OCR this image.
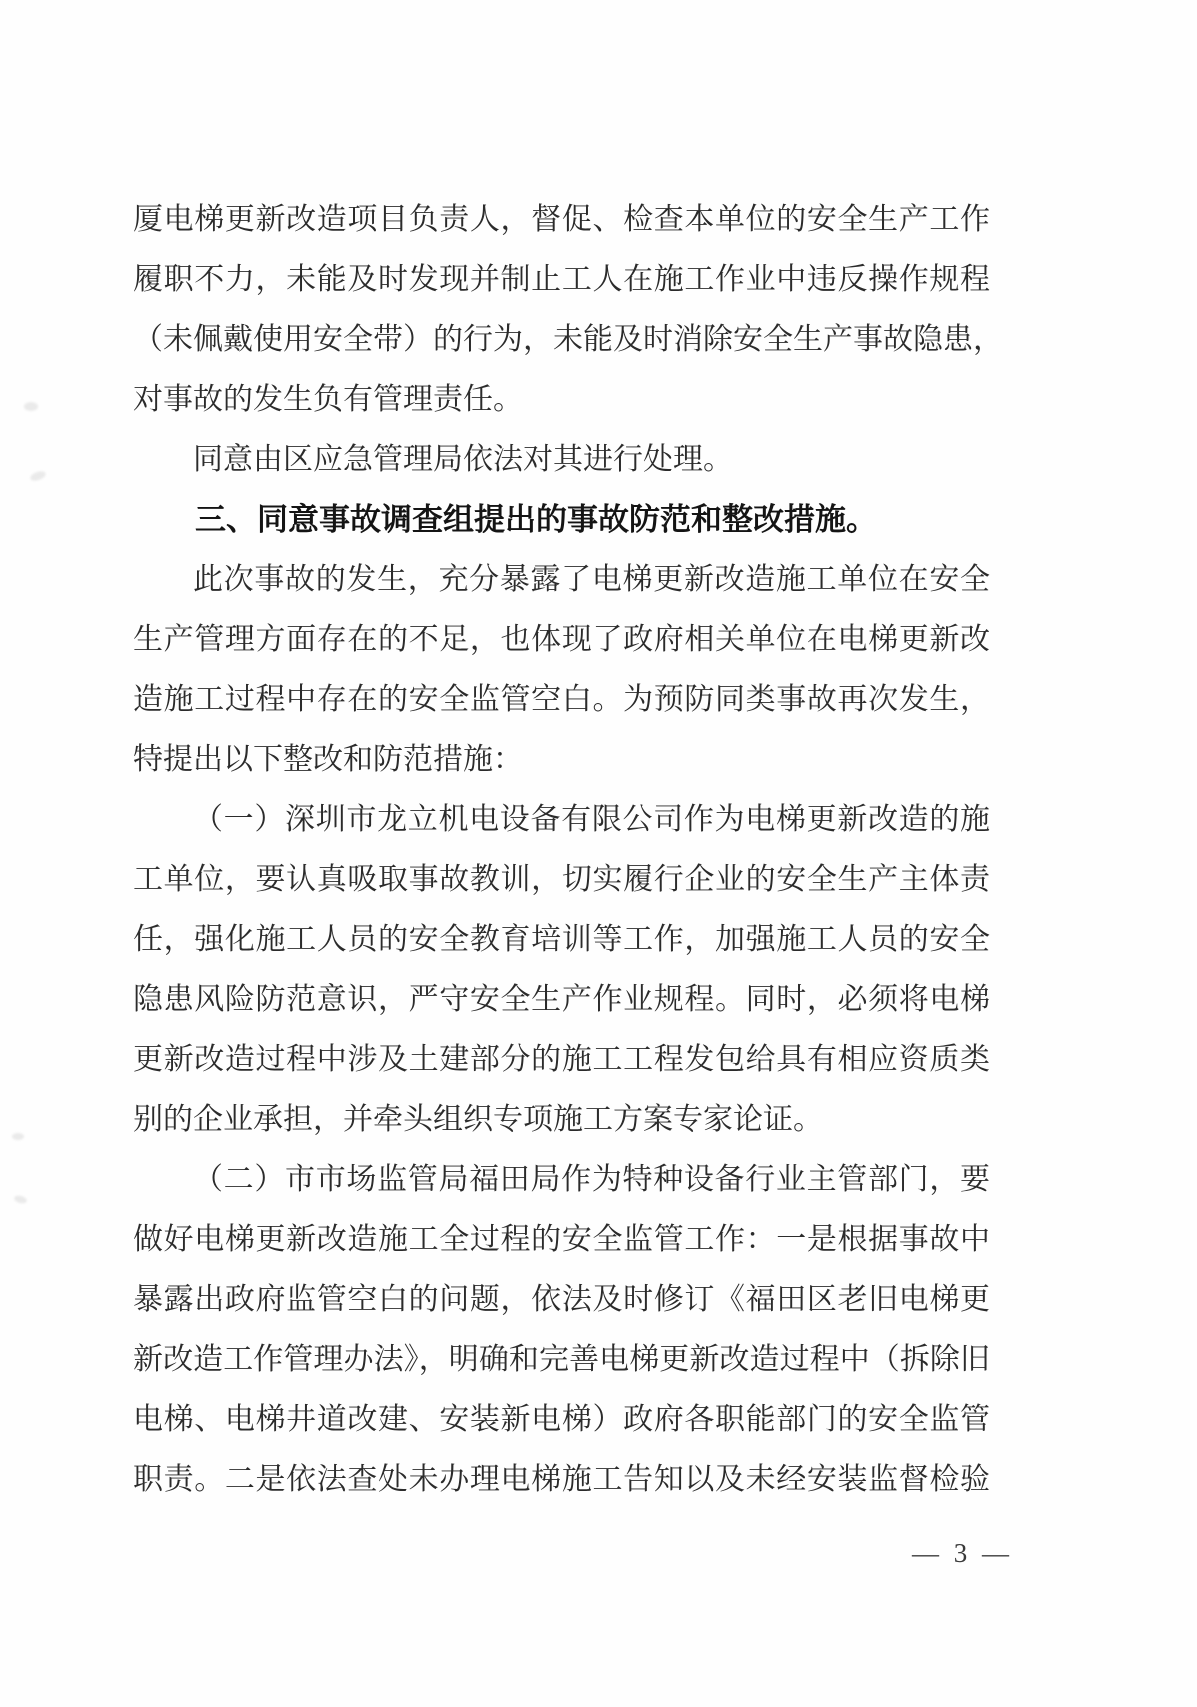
厦电梯更新改造项目负责人，督促、检查本单位的安全生产工作
履职不力，未能及时发现并制止工人在施工作业中违反操作规程
（未佩戴使用安全带）的行为，未能及时消除安全生产事故隐患，
对事故的发生负有管理责任。
同意由区应急管理局依法对其进行处理。
三、同意事故调查组提出的事故防范和整改措施。
此次事故的发生，充分暴露了电梯更新改造施工单位在安全
生产管理方面存在的不足，也体现了政府相关单位在电梯更新改
造施工过程中存在的安全监管空白。为预防同类事故再次发生，
特提出以下整改和防范措施：
（一）深圳市龙立机电设备有限公司作为电梯更新改造的施
工单位，要认真吸取事故教训，切实履行企业的安全生产主体责
任，强化施工人员的安全教育培训等工作，加强施工人员的安全
隐患风险防范意识，严守安全生产作业规程。同时，必须将电梯
更新改造过程中涉及土建部分的施工工程发包给具有相应资质类
别的企业承担，并牵头组织专项施工方案专家论证。
（二）市市场监管局福田局作为特种设备行业主管部门，要
做好电梯更新改造施工全过程的安全监管工作：一是根据事故中
暴露出政府监管空白的问题，依法及时修订《福田区老旧电梯更
新改造工作管理办法》，明确和完善电梯更新改造过程中（拆除旧
电梯、电梯井道改建、安装新电梯）政府各职能部门的安全监管
职责。二是依法查处未办理电梯施工告知以及未经安装监督检验
— 3 —
